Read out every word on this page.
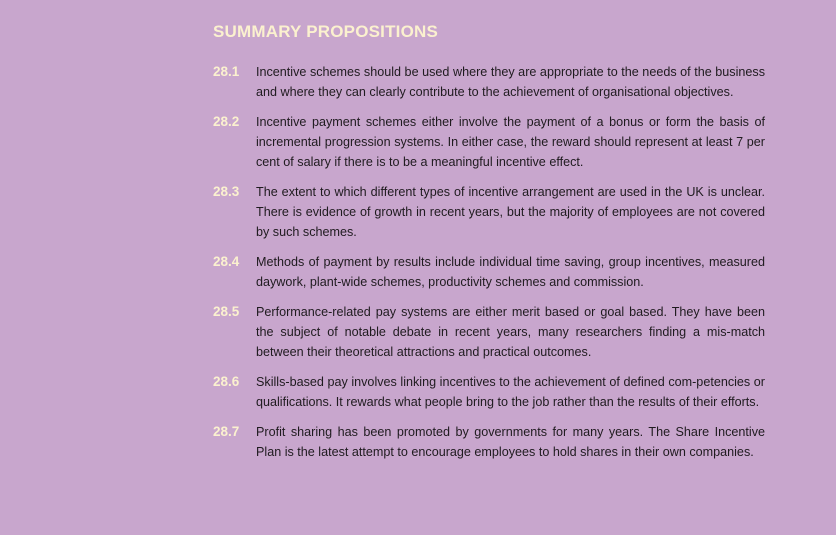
SUMMARY PROPOSITIONS
28.1	Incentive schemes should be used where they are appropriate to the needs of the business and where they can clearly contribute to the achievement of organisational objectives.
28.2	Incentive payment schemes either involve the payment of a bonus or form the basis of incremental progression systems. In either case, the reward should represent at least 7 per cent of salary if there is to be a meaningful incentive effect.
28.3	The extent to which different types of incentive arrangement are used in the UK is unclear. There is evidence of growth in recent years, but the majority of employees are not covered by such schemes.
28.4	Methods of payment by results include individual time saving, group incentives, measured daywork, plant-wide schemes, productivity schemes and commission.
28.5	Performance-related pay systems are either merit based or goal based. They have been the subject of notable debate in recent years, many researchers finding a mis-match between their theoretical attractions and practical outcomes.
28.6	Skills-based pay involves linking incentives to the achievement of defined com-petencies or qualifications. It rewards what people bring to the job rather than the results of their efforts.
28.7	Profit sharing has been promoted by governments for many years. The Share Incentive Plan is the latest attempt to encourage employees to hold shares in their own companies.
